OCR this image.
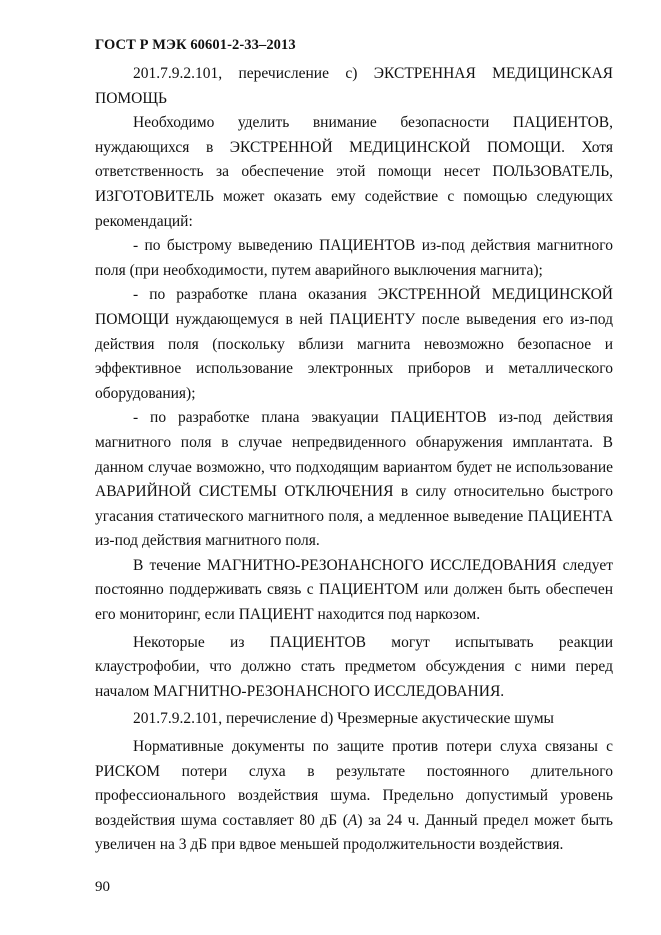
ГОСТ Р МЭК 60601-2-33–2013

201.7.9.2.101, перечисление c) ЭКСТРЕННАЯ МЕДИЦИНСКАЯ ПОМОЩЬ

Необходимо уделить внимание безопасности ПАЦИЕНТОВ, нуждающихся в ЭКСТРЕННОЙ МЕДИЦИНСКОЙ ПОМОЩИ. Хотя ответственность за обеспечение этой помощи несет ПОЛЬЗОВАТЕЛЬ, ИЗГОТОВИТЕЛЬ может оказать ему содействие с помощью следующих рекомендаций:

- по быстрому выведению ПАЦИЕНТОВ из-под действия магнитного поля (при необходимости, путем аварийного выключения магнита);

- по разработке плана оказания ЭКСТРЕННОЙ МЕДИЦИНСКОЙ ПОМОЩИ нуждающемуся в ней ПАЦИЕНТУ после выведения его из-под действия поля (поскольку вблизи магнита невозможно безопасное и эффективное использование электронных приборов и металлического оборудования);

- по разработке плана эвакуации ПАЦИЕНТОВ из-под действия магнитного поля в случае непредвиденного обнаружения имплантата. В данном случае возможно, что подходящим вариантом будет не использование АВАРИЙНОЙ СИСТЕМЫ ОТКЛЮЧЕНИЯ в силу относительно быстрого угасания статического магнитного поля, а медленное выведение ПАЦИЕНТА из-под действия магнитного поля.

В течение МАГНИТНО-РЕЗОНАНСНОГО ИССЛЕДОВАНИЯ следует постоянно поддерживать связь с ПАЦИЕНТОМ или должен быть обеспечен его мониторинг, если ПАЦИЕНТ находится под наркозом.

Некоторые из ПАЦИЕНТОВ могут испытывать реакции клаустрофобии, что должно стать предметом обсуждения с ними перед началом МАГНИТНО-РЕЗОНАНСНОГО ИССЛЕДОВАНИЯ.

201.7.9.2.101, перечисление d) Чрезмерные акустические шумы

Нормативные документы по защите против потери слуха связаны с РИСКОМ потери слуха в результате постоянного длительного профессионального воздействия шума. Предельно допустимый уровень воздействия шума составляет 80 дБ (A) за 24 ч. Данный предел может быть увеличен на 3 дБ при вдвое меньшей продолжительности воздействия.

90
